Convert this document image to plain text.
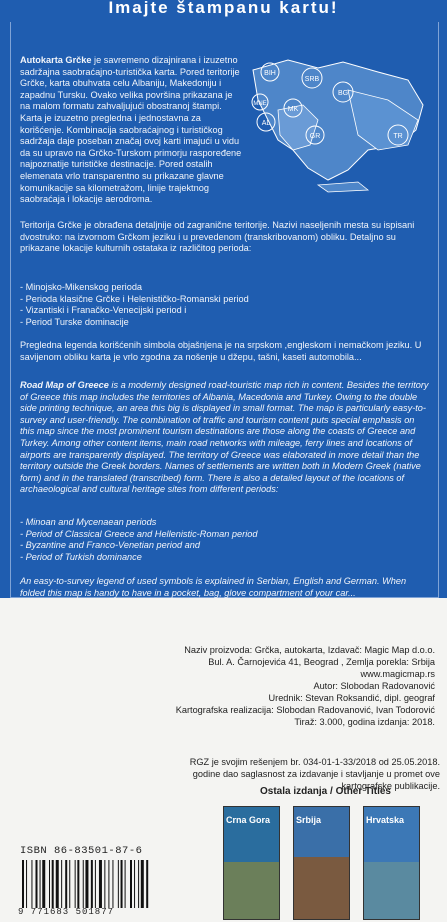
Imajte štampanu kartu!

Autokarta Grčke je savremeno dizajnirana i izuzetno sadržajna saobraćajno-turistička karta. Pored teritorije Grčke, karta obuhvata celu Albaniju, Makedoniju i zapadnu Tursku. Ovako velika površina prikazana je na malom formatu zahvaljujući obostranoj štampi. Karta je izuzetno pregledna i jednostavna za korišćenje. Kombinacija saobraćajnog i turističkog sadržaja daje poseban značaj ovoj karti imajući u vidu da su upravo na Grčko-Turskom primorju raspoređene najpoznatije turističke destinacije. Pored ostalih elemenata vrlo transparentno su prikazane glavne komunikacije sa kilometražom, linije trajektnog saobraćaja i lokacije aerodroma.

BIH
SRB
BG
MNE
MK
AL
GR	TR

Teritorija Grčke je obrađena detaljnije od zagranične teritorije. Nazivi naseljenih mesta su ispisani dvostruko: na izvornom Grčkom jeziku i u prevedenom (transkribovanom) obliku. Detaljno su prikazane lokacije kulturnih ostataka iz različitog perioda:

- Minojsko-Mikenskog perioda
- Perioda klasične Grčke i Helenističko-Romanski period
- Vizantiski i Franačko-Venecijski period i
- Period Turske dominacije

Pregledna legenda korišćenih simbola objašnjena je na srpskom ,engleskom i nemačkom jeziku. U savijenom obliku karta je vrlo zgodna za nošenje u džepu, tašni, kaseti automobila...

Road Map of Greece is a modernly designed road-touristic map rich in content. Besides the territory of Greece this map includes the territories of Albania, Macedonia and Turkey. Owing to the double side printing technique, an area this big is displayed in small format. The map is particularly easy-to-survey and user-friendly. The combination of traffic and tourism content puts special emphasis on this map since the most prominent tourism destinations are those along the coasts of Greece and Turkey. Among other content items, main road networks with mileage, ferry lines and locations of airports are transparently displayed. The territory of Greece was elaborated in more detail than the territory outside the Greek borders. Names of settlements are written both in Modern Greek (native form) and in the translated (transcribed) form. There is also a detailed layout of the locations of archaeological and cultural heritage sites from different periods:

- Minoan and Mycenaean periods
- Period of Classical Greece and Hellenistic-Roman period
- Byzantine and Franco-Venetian period and
- Period of Turkish dominance

An easy-to-survey legend of used symbols is explained in Serbian, English and German. When folded this map is handy to have in a pocket, bag, glove compartment of your car...

Naziv proizvoda: Grčka, autokarta, Izdavač: Magic Map d.o.o.
Bul. A. Čarnojevića 41, Beograd , Zemlja porekla: Srbija
www.magicmap.rs
Autor: Slobodan Radovanović
Urednik: Stevan Roksandić, dipl. geograf
Kartografska realizacija: Slobodan Radovanović, Ivan Todorović
Tiraž: 3.000, godina izdanja: 2018.
RGZ je svojim rešenjem br. 034-01-1-33/2018 od 25.05.2018. godine dao saglasnost za izdavanje i stavljanje u promet ove kartografske publikacije.
Ostala izdanja / Other Titles
Crna Gora	Srbija	Hrvatska
ISBN 86-83501-87-6
9 771683 501877
